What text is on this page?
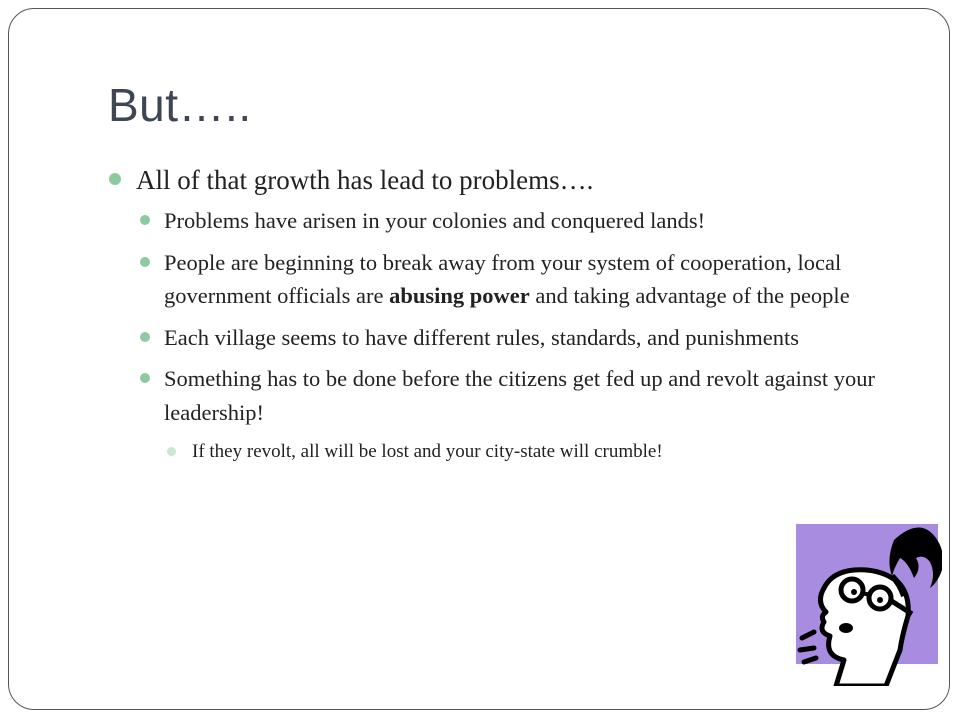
But…..
All of that growth has lead to problems….
Problems have arisen in your colonies and conquered lands!
People are beginning to break away from your system of cooperation, local government officials are abusing power and taking advantage of the people
Each village seems to have different rules, standards, and punishments
Something has to be done before the citizens get fed up and revolt against your leadership!
If they revolt, all will be lost and your city-state will crumble!
